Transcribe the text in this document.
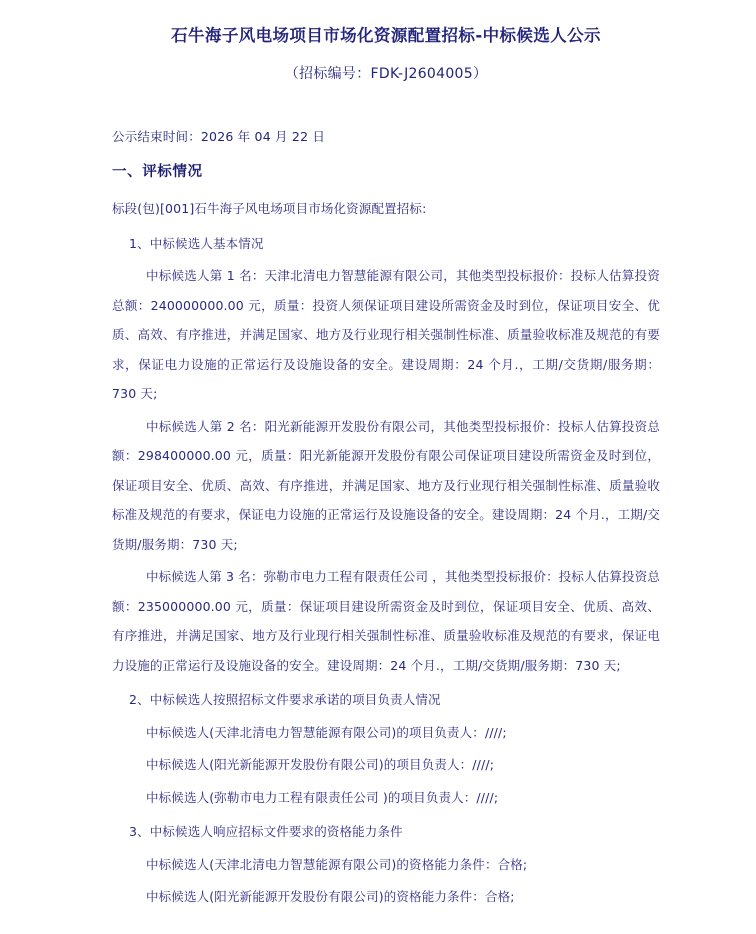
石牛海子风电场项目市场化资源配置招标-中标候选人公示
（招标编号：FDK-J2604005）
公示结束时间：2026 年 04 月 22 日
一、评标情况

标段(包)[001]石牛海子风电场项目市场化资源配置招标:

1、中标候选人基本情况

中标候选人第 1 名：天津北清电力智慧能源有限公司，其他类型投标报价：投标人估算投资总额：240000000.00 元，质量：投资人须保证项目建设所需资金及时到位，保证项目安全、优质、高效、有序推进，并满足国家、地方及行业现行相关强制性标准、质量验收标准及规范的有要求，保证电力设施的正常运行及设施设备的安全。建设周期：24 个月.，工期/交货期/服务期：730 天;

中标候选人第 2 名：阳光新能源开发股份有限公司，其他类型投标报价：投标人估算投资总额：298400000.00 元，质量：阳光新能源开发股份有限公司保证项目建设所需资金及时到位，保证项目安全、优质、高效、有序推进，并满足国家、地方及行业现行相关强制性标准、质量验收标准及规范的有要求，保证电力设施的正常运行及设施设备的安全。建设周期：24 个月.，工期/交货期/服务期：730 天;

中标候选人第 3 名：弥勒市电力工程有限责任公司 ，其他类型投标报价：投标人估算投资总额：235000000.00 元，质量：保证项目建设所需资金及时到位，保证项目安全、优质、高效、有序推进，并满足国家、地方及行业现行相关强制性标准、质量验收标准及规范的有要求，保证电力设施的正常运行及设施设备的安全。建设周期：24 个月.，工期/交货期/服务期：730 天;

2、中标候选人按照招标文件要求承诺的项目负责人情况

中标候选人(天津北清电力智慧能源有限公司)的项目负责人：////;

中标候选人(阳光新能源开发股份有限公司)的项目负责人：////;

中标候选人(弥勒市电力工程有限责任公司 )的项目负责人：////;

3、中标候选人响应招标文件要求的资格能力条件

中标候选人(天津北清电力智慧能源有限公司)的资格能力条件：合格;

中标候选人(阳光新能源开发股份有限公司)的资格能力条件：合格;
